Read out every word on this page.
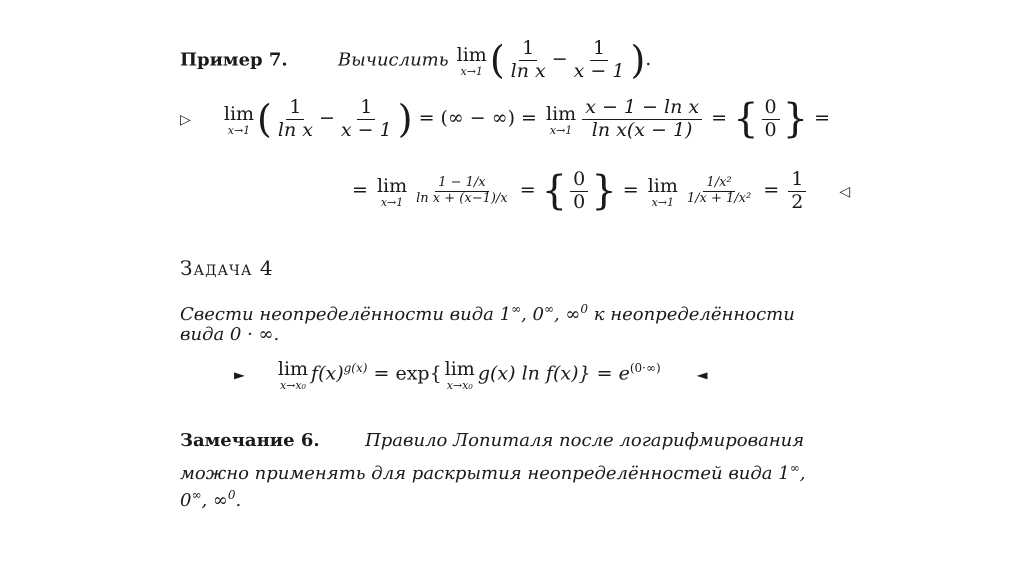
Пример 7.	Вычислить lim
x→1 ( $\frac{1}{\text{ln x}} - \frac{1}{x - 1}$ ).
▷ lim
x→1 ( $\frac{1}{\text{ln x}} - \frac{1}{x - 1}$ ) = (∞ − ∞) = lim
$x\to 1 \frac{\text{x − 1 − ln x}}{\text{ln x(x − 1)}}$ = { $\frac{0}{0}$ } =
= lim
$x\to 1 \frac{1 - 1/x}{\text{ln x + (x−1)/x}}$ = { $\frac{0}{0}$ } = lim
$x\to 1 \frac{\text{1/x²}}{\text{1/x + 1/x²}} = \frac{1}{2}$ ◁
Задача 4
Свести неопределённости вида 1∞, 0∞, ∞$^0$ к неопределённости
вида 0 · ∞.
► lim
x→x₀
$f(x)^{g(x)} = \exp${ lim
x→x₀
g(x) $\ln f(x)\} = e^{(0\cdot\infty)}$	◄
Замечание 6.	Правило Лопиталя после логарифмирования
можно применять для раскрытия неопределённостей вида 1∞,
0∞, ∞$^0$.
